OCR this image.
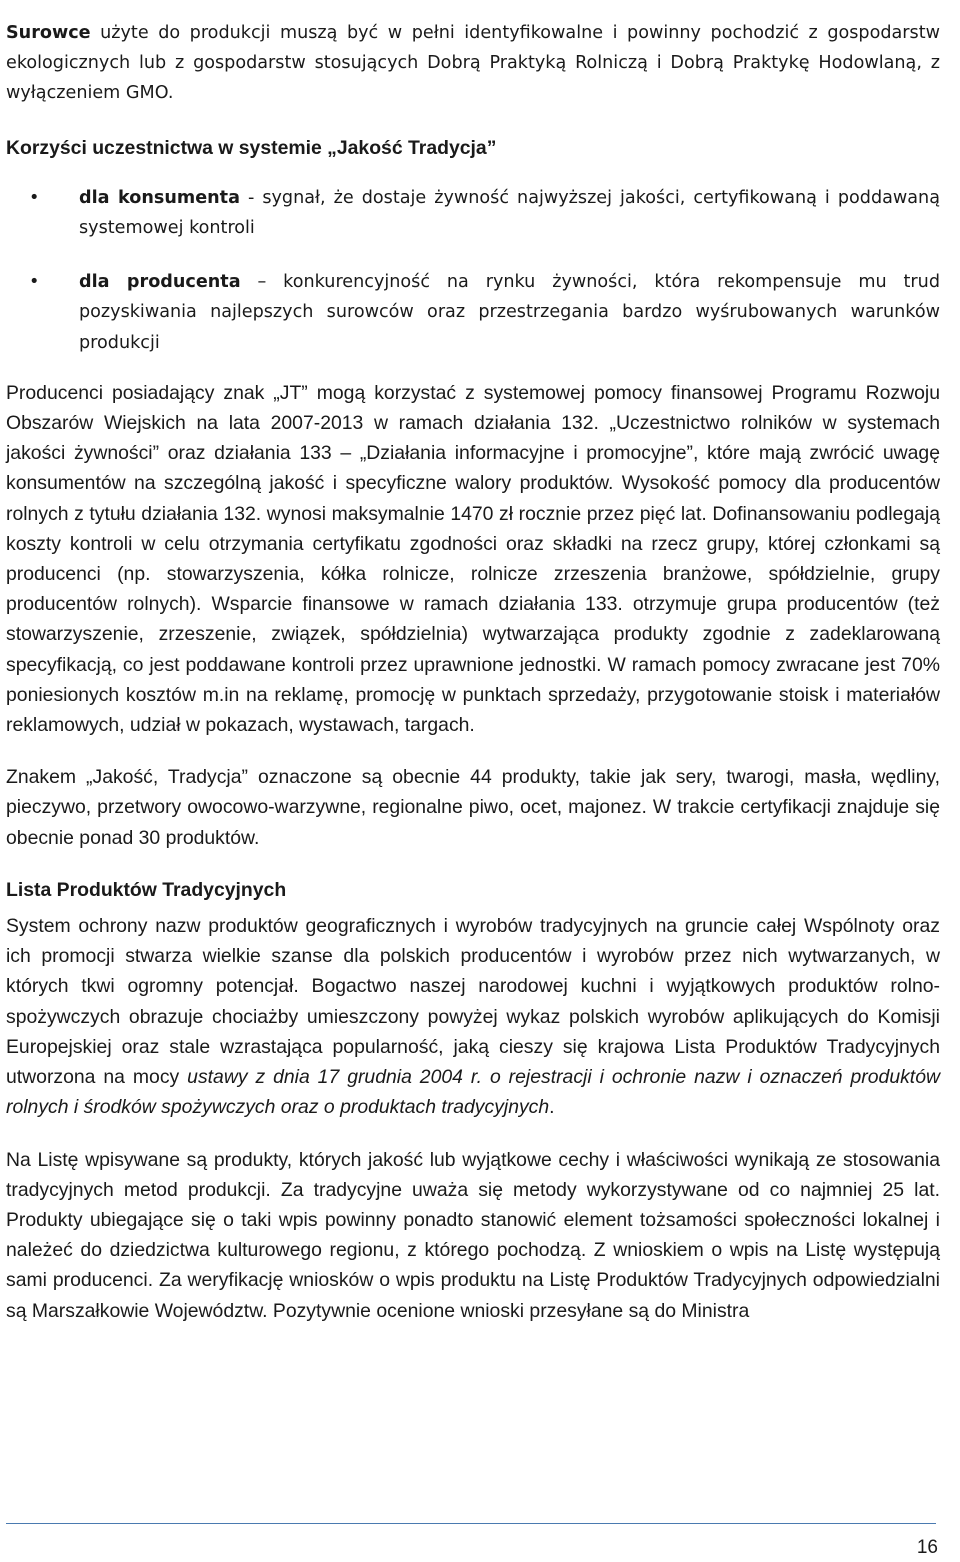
Surowce użyte do produkcji muszą być w pełni identyfikowalne i powinny pochodzić z gospodarstw ekologicznych lub z gospodarstw stosujących Dobrą Praktyką Rolniczą i Dobrą Praktykę Hodowlaną, z wyłączeniem GMO.

Korzyści uczestnictwa w systemie „Jakość Tradycja”
• dla konsumenta - sygnał, że dostaje żywność najwyższej jakości, certyfikowaną i poddawaną systemowej kontroli
• dla producenta – konkurencyjność na rynku żywności, która rekompensuje mu trud pozyskiwania najlepszych surowców oraz przestrzegania bardzo wyśrubowanych warunków produkcji

Producenci posiadający znak „JT” mogą korzystać z systemowej pomocy finansowej Programu Rozwoju Obszarów Wiejskich na lata 2007-2013 w ramach działania 132. „Uczestnictwo rolników w systemach jakości żywności” oraz działania 133 – „Działania informacyjne i promocyjne”, które mają zwrócić uwagę konsumentów na szczególną jakość i specyficzne walory produktów. Wysokość pomocy dla producentów rolnych z tytułu działania 132. wynosi maksymalnie 1470 zł rocznie przez pięć lat. Dofinansowaniu podlegają koszty kontroli w celu otrzymania certyfikatu zgodności oraz składki na rzecz grupy, której członkami są producenci (np. stowarzyszenia, kółka rolnicze, rolnicze zrzeszenia branżowe, spółdzielnie, grupy producentów rolnych). Wsparcie finansowe w ramach działania 133. otrzymuje grupa producentów (też stowarzyszenie, zrzeszenie, związek, spółdzielnia) wytwarzająca produkty zgodnie z zadeklarowaną specyfikacją, co jest poddawane kontroli przez uprawnione jednostki. W ramach pomocy zwracane jest 70% poniesionych kosztów m.in na reklamę, promocję w punktach sprzedaży, przygotowanie stoisk i materiałów reklamowych, udział w pokazach, wystawach, targach.

Znakem „Jakość, Tradycja” oznaczone są obecnie 44 produkty, takie jak sery, twarogi, masła, wędliny, pieczywo, przetwory owocowo-warzywne, regionalne piwo, ocet, majonez. W trakcie certyfikacji znajduje się obecnie ponad 30 produktów.

Lista Produktów Tradycyjnych

System ochrony nazw produktów geograficznych i wyrobów tradycyjnych na gruncie całej Wspólnoty oraz ich promocji stwarza wielkie szanse dla polskich producentów i wyrobów przez nich wytwarzanych, w których tkwi ogromny potencjał. Bogactwo naszej narodowej kuchni i wyjątkowych produktów rolno-spożywczych obrazuje chociażby umieszczony powyżej wykaz polskich wyrobów aplikujących do Komisji Europejskiej oraz stale wzrastająca popularność, jaką cieszy się krajowa Lista Produktów Tradycyjnych utworzona na mocy ustawy z dnia 17 grudnia 2004 r. o rejestracji i ochronie nazw i oznaczeń produktów rolnych i środków spożywczych oraz o produktach tradycyjnych.

Na Listę wpisywane są produkty, których jakość lub wyjątkowe cechy i właściwości wynikają ze stosowania tradycyjnych metod produkcji. Za tradycyjne uważa się metody wykorzystywane od co najmniej 25 lat. Produkty ubiegające się o taki wpis powinny ponadto stanowić element tożsamości społeczności lokalnej i należeć do dziedzictwa kulturowego regionu, z którego pochodzą. Z wnioskiem o wpis na Listę występują sami producenci. Za weryfikację wniosków o wpis produktu na Listę Produktów Tradycyjnych odpowiedzialni są Marszałkowie Województw. Pozytywnie ocenione wnioski przesyłane są do Ministra

16
